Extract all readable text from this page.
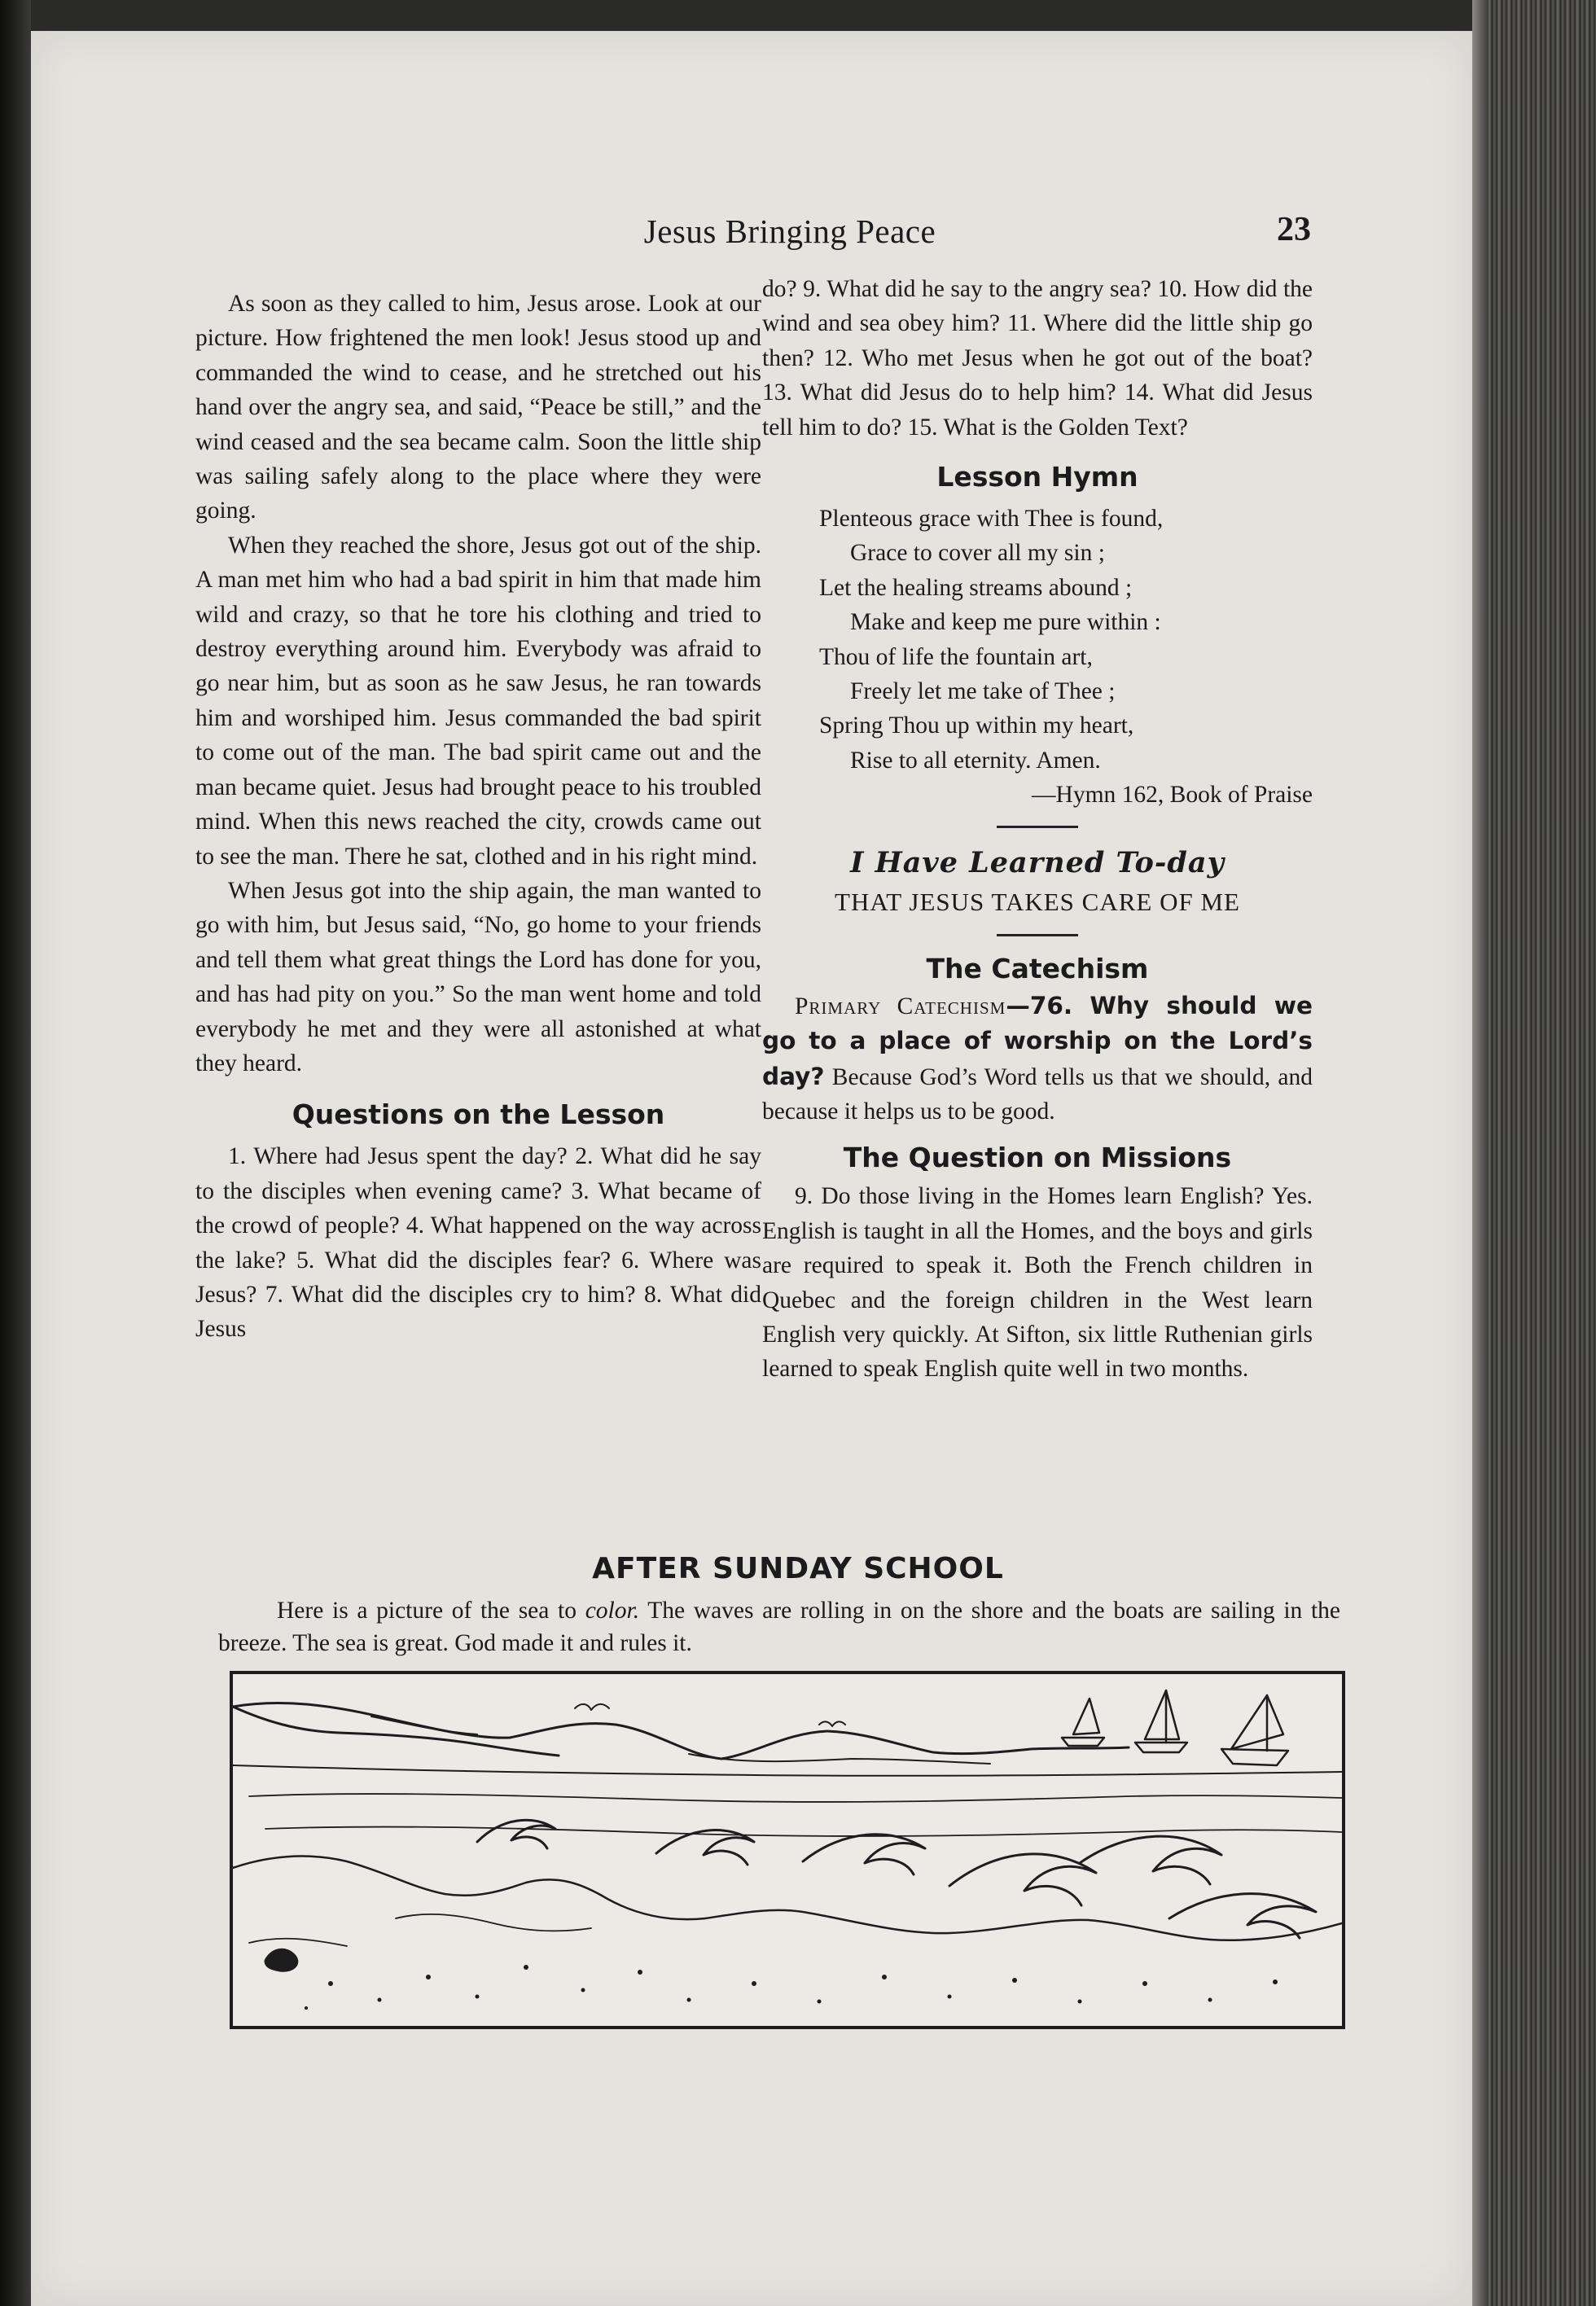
Jesus Bringing Peace	23

As soon as they called to him, Jesus arose. Look at our picture. How frightened the men look! Jesus stood up and commanded the wind to cease, and he stretched out his hand over the angry sea, and said, “Peace be still,” and the wind ceased and the sea became calm. Soon the little ship was sailing safely along to the place where they were going.

When they reached the shore, Jesus got out of the ship. A man met him who had a bad spirit in him that made him wild and crazy, so that he tore his clothing and tried to destroy everything around him. Everybody was afraid to go near him, but as soon as he saw Jesus, he ran towards him and worshiped him. Jesus commanded the bad spirit to come out of the man. The bad spirit came out and the man became quiet. Jesus had brought peace to his troubled mind. When this news reached the city, crowds came out to see the man. There he sat, clothed and in his right mind.

When Jesus got into the ship again, the man wanted to go with him, but Jesus said, “No, go home to your friends and tell them what great things the Lord has done for you, and has had pity on you.” So the man went home and told everybody he met and they were all astonished at what they heard.

Questions on the Lesson

1. Where had Jesus spent the day? 2. What did he say to the disciples when evening came? 3. What became of the crowd of people? 4. What happened on the way across the lake? 5. What did the disciples fear? 6. Where was Jesus? 7. What did the disciples cry to him? 8. What did Jesus

do? 9. What did he say to the angry sea? 10. How did the wind and sea obey him? 11. Where did the little ship go then? 12. Who met Jesus when he got out of the boat? 13. What did Jesus do to help him? 14. What did Jesus tell him to do? 15. What is the Golden Text?

Lesson Hymn

Plenteous grace with Thee is found,

Grace to cover all my sin ;

Let the healing streams abound ;

Make and keep me pure within :

Thou of life the fountain art,

Freely let me take of Thee ;

Spring Thou up within my heart,

Rise to all eternity. Amen.

—Hymn 162, Book of Praise

I Have Learned To-day

THAT JESUS TAKES CARE OF ME

The Catechism

Primary Catechism—76. Why should we go to a place of worship on the Lord’s day? Because God’s Word tells us that we should, and because it helps us to be good.

The Question on Missions

9. Do those living in the Homes learn English? Yes. English is taught in all the Homes, and the boys and girls are required to speak it. Both the French children in Quebec and the foreign children in the West learn English very quickly. At Sifton, six little Ruthenian girls learned to speak English quite well in two months.

AFTER SUNDAY SCHOOL

Here is a picture of the sea to color. The waves are rolling in on the shore and the boats are sailing in the breeze. The sea is great. God made it and rules it.
